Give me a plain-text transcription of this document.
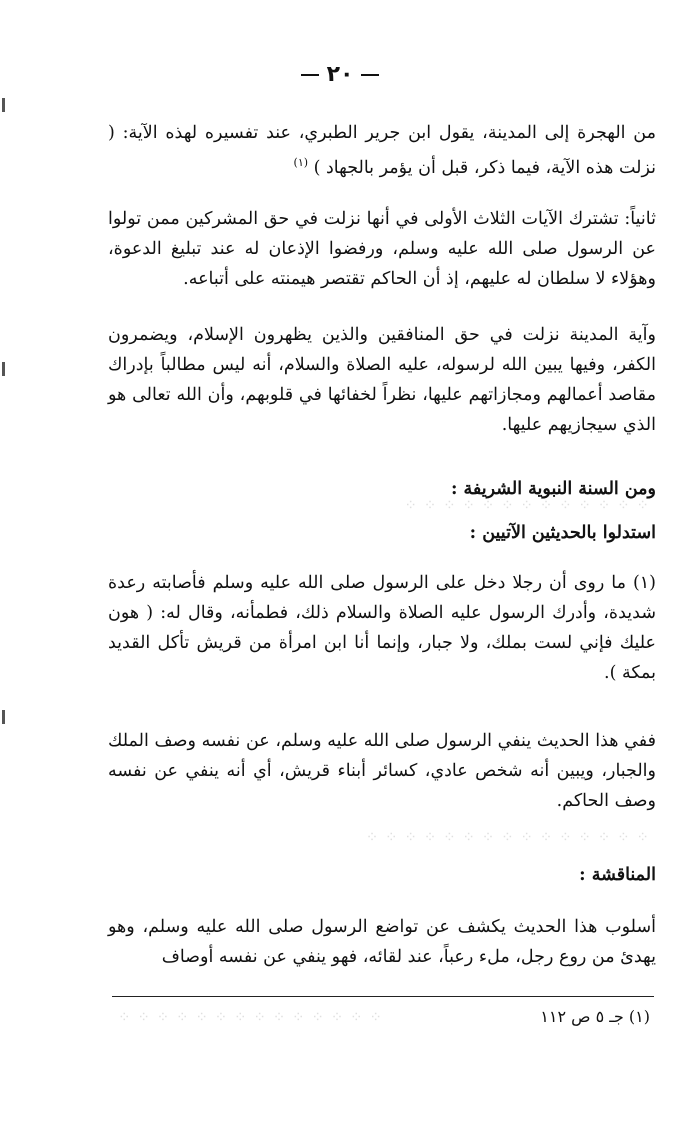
٢٠
من الهجرة إلى المدينة، يقول ابن جرير الطبري، عند تفسيره لهذه الآية: ( نزلت هذه الآية، فيما ذكر، قبل أن يؤمر بالجهاد ) $^{(١)}$
ثانياً: تشترك الآيات الثلاث الأولى في أنها نزلت في حق المشركين ممن تولوا عن الرسول صلى الله عليه وسلم، ورفضوا الإذعان له عند تبليغ الدعوة، وهؤلاء لا سلطان له عليهم، إذ أن الحاكم تقتصر هيمنته على أتباعه.
وآية المدينة نزلت في حق المنافقين والذين يظهرون الإسلام، ويضمرون الكفر، وفيها يبين الله لرسوله، عليه الصلاة والسلام، أنه ليس مطالباً بإدراك مقاصد أعمالهم ومجازاتهم عليها، نظراً لخفائها في قلوبهم، وأن الله تعالى هو الذي سيجازيهم عليها.
ومن السنة النبوية الشريفة :
⁘ ⁘ ⁘ ⁘ ⁘ ⁘ ⁘ ⁘ ⁘ ⁘ ⁘ ⁘ ⁘
استدلوا بالحديثين الآتيين :
(١) ما روى أن رجلا دخل على الرسول صلى الله عليه وسلم فأصابته رعدة شديدة، وأدرك الرسول عليه الصلاة والسلام ذلك، فطمأنه، وقال له: ( هون عليك فإني لست بملك، ولا جبار، وإنما أنا ابن امرأة من قريش تأكل القديد بمكة ).
ففي هذا الحديث ينفي الرسول صلى الله عليه وسلم، عن نفسه وصف الملك والجبار، ويبين أنه شخص عادي، كسائر أبناء قريش، أي أنه ينفي عن نفسه وصف الحاكم.
⁘ ⁘ ⁘ ⁘ ⁘ ⁘ ⁘ ⁘ ⁘ ⁘ ⁘ ⁘ ⁘ ⁘ ⁘
المناقشة :
أسلوب هذا الحديث يكشف عن تواضع الرسول صلى الله عليه وسلم، وهو يهدئ من روع رجل، ملء رعباً، عند لقائه، فهو ينفي عن نفسه أوصاف
⁘ ⁘ ⁘ ⁘ ⁘ ⁘ ⁘ ⁘ ⁘ ⁘ ⁘ ⁘ ⁘ ⁘	(١) جـ ٥ ص ١١٢
